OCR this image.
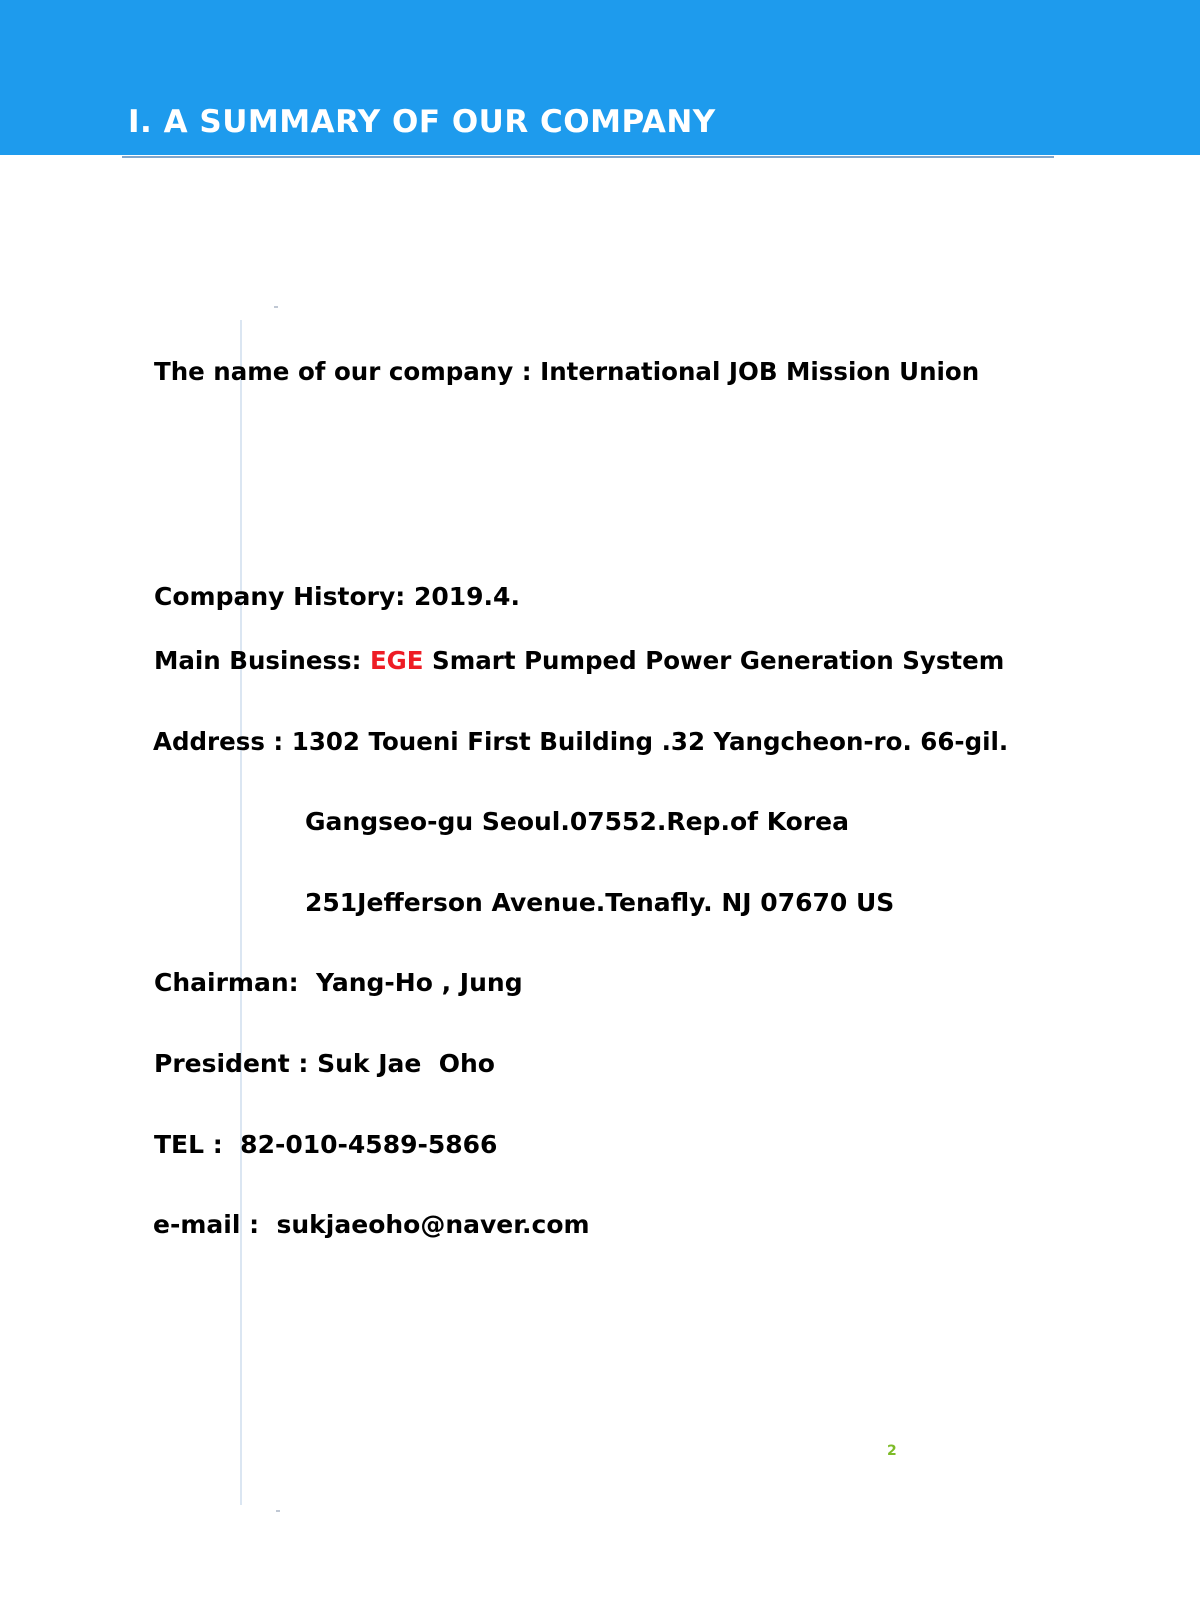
I. A SUMMARY OF OUR COMPANY

The name of our company : International JOB Mission Union

Company History: 2019.4.

Main Business: EGE Smart Pumped Power Generation System

Address : 1302 Toueni First Building .32 Yangcheon-ro. 66-gil.

Gangseo-gu Seoul.07552.Rep.of Korea

251Jefferson Avenue.Tenafly. NJ 07670 US

Chairman:  Yang-Ho , Jung

President : Suk Jae  Oho

TEL :  82-010-4589-5866

e-mail :  sukjaeoho@naver.com

2
